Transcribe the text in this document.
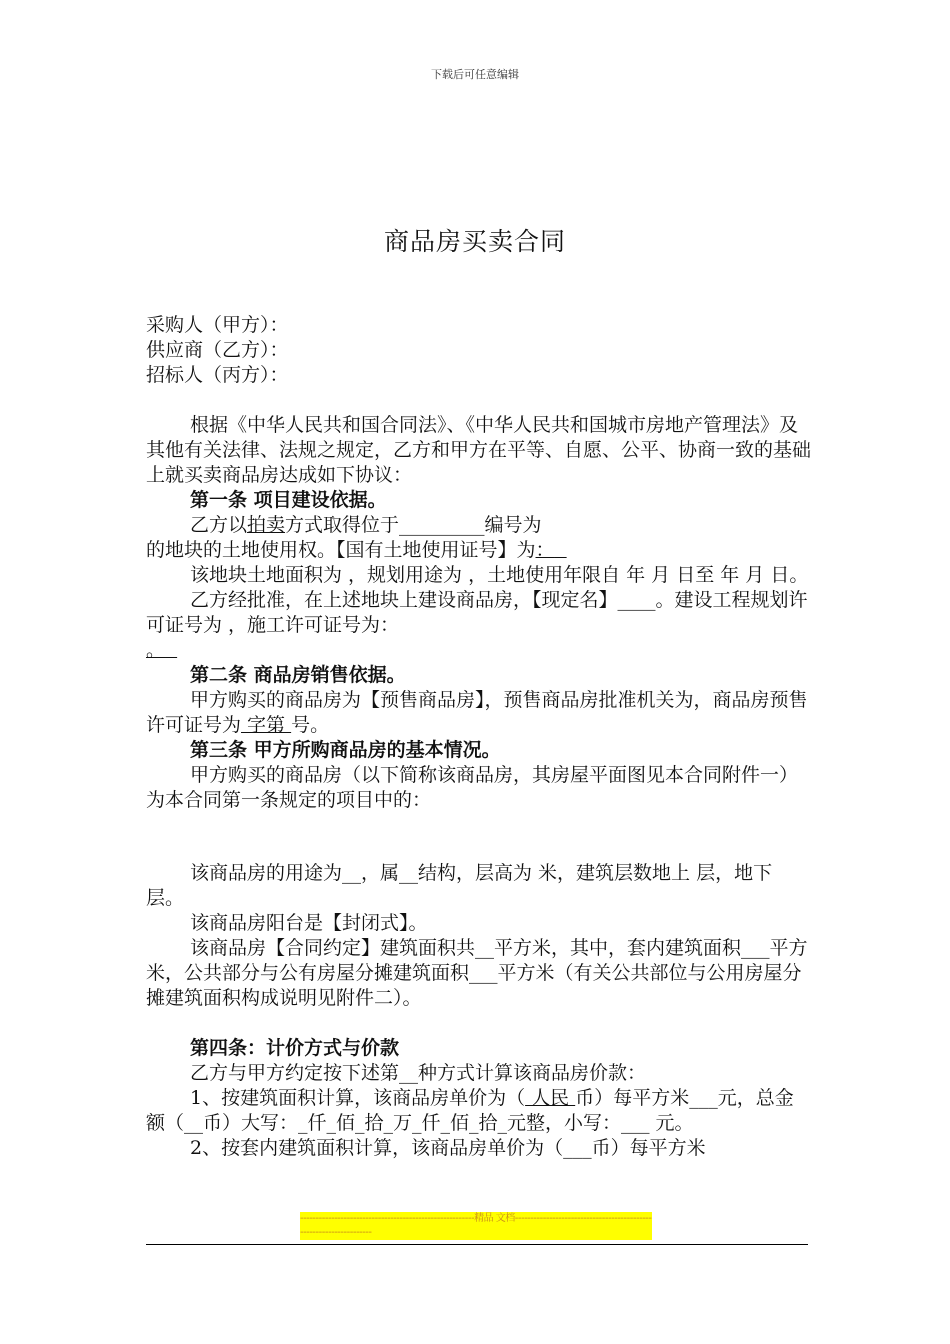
下载后可任意编辑
商品房买卖合同

采购人（甲方）：

供应商（乙方）：

招标人（丙方）：

根据《中华人民共和国合同法》、《中华人民共和国城市房地产管理法》及其他有关法律、法规之规定，乙方和甲方在平等、自愿、公平、协商一致的基础上就买卖商品房达成如下协议：

第一条 项目建设依据。

乙方以拍卖方式取得位于_________编号为

的地块的土地使用权。【国有土地使用证号】为：

该地块土地面积为 ，规划用途为 ，土地使用年限自 年 月 日至 年 月 日。

乙方经批准，在上述地块上建设商品房，【现定名】____。建设工程规划许可证号为 ，施工许可证号为：

。

第二条 商品房销售依据。

甲方购买的商品房为【预售商品房】，预售商品房批准机关为，商品房预售许可证号为 字第 号。

第三条 甲方所购商品房的基本情况。

甲方购买的商品房（以下简称该商品房，其房屋平面图见本合同附件一）为本合同第一条规定的项目中的：

该商品房的用途为__，属__结构，层高为 米，建筑层数地上 层，地下 层。

该商品房阳台是【封闭式】。

该商品房【合同约定】建筑面积共__平方米，其中，套内建筑面积___平方米，公共部分与公有房屋分摊建筑面积___平方米（有关公共部位与公用房屋分摊建筑面积构成说明见附件二）。

第四条：计价方式与价款

乙方与甲方约定按下述第__种方式计算该商品房价款：

1、按建筑面积计算，该商品房单价为（ 人民 币）每平方米___元，总金额（__币）大写：_仟_佰_拾_万_仟_佰_拾_元整，小写：___ 元。

2、按套内建筑面积计算，该商品房单价为（___币）每平方米

--------------------------------------------------------精品 文档-------------------------------------------------------------------
